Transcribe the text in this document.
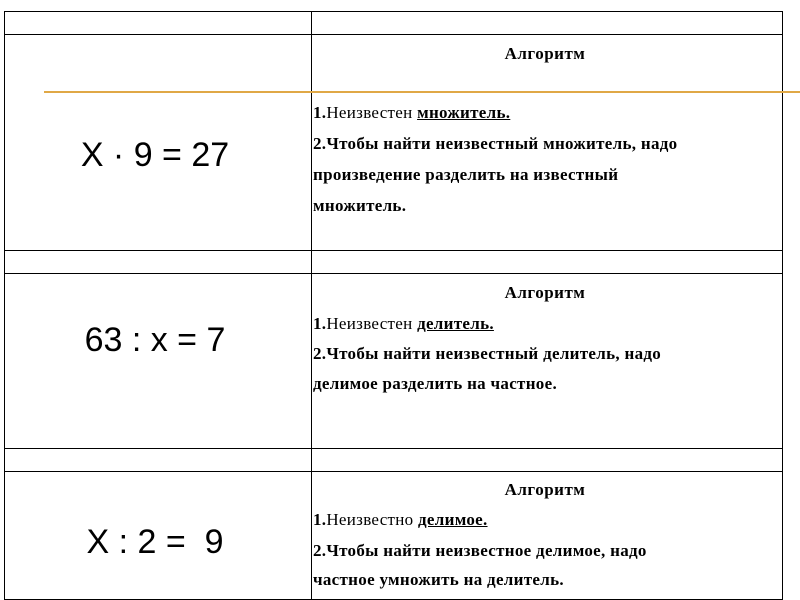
X · 9 = 27
Алгоритм
1.Неизвестен множитель.
2.Чтобы найти неизвестный множитель, надо
произведение разделить на известный
множитель.
63 : x = 7
Алгоритм
1.Неизвестен делитель.
2.Чтобы найти неизвестный делитель, надо
делимое разделить на частное.
X : 2 =  9
Алгоритм
1.Неизвестно делимое.
2.Чтобы найти неизвестное делимое, надо
частное умножить на делитель.
